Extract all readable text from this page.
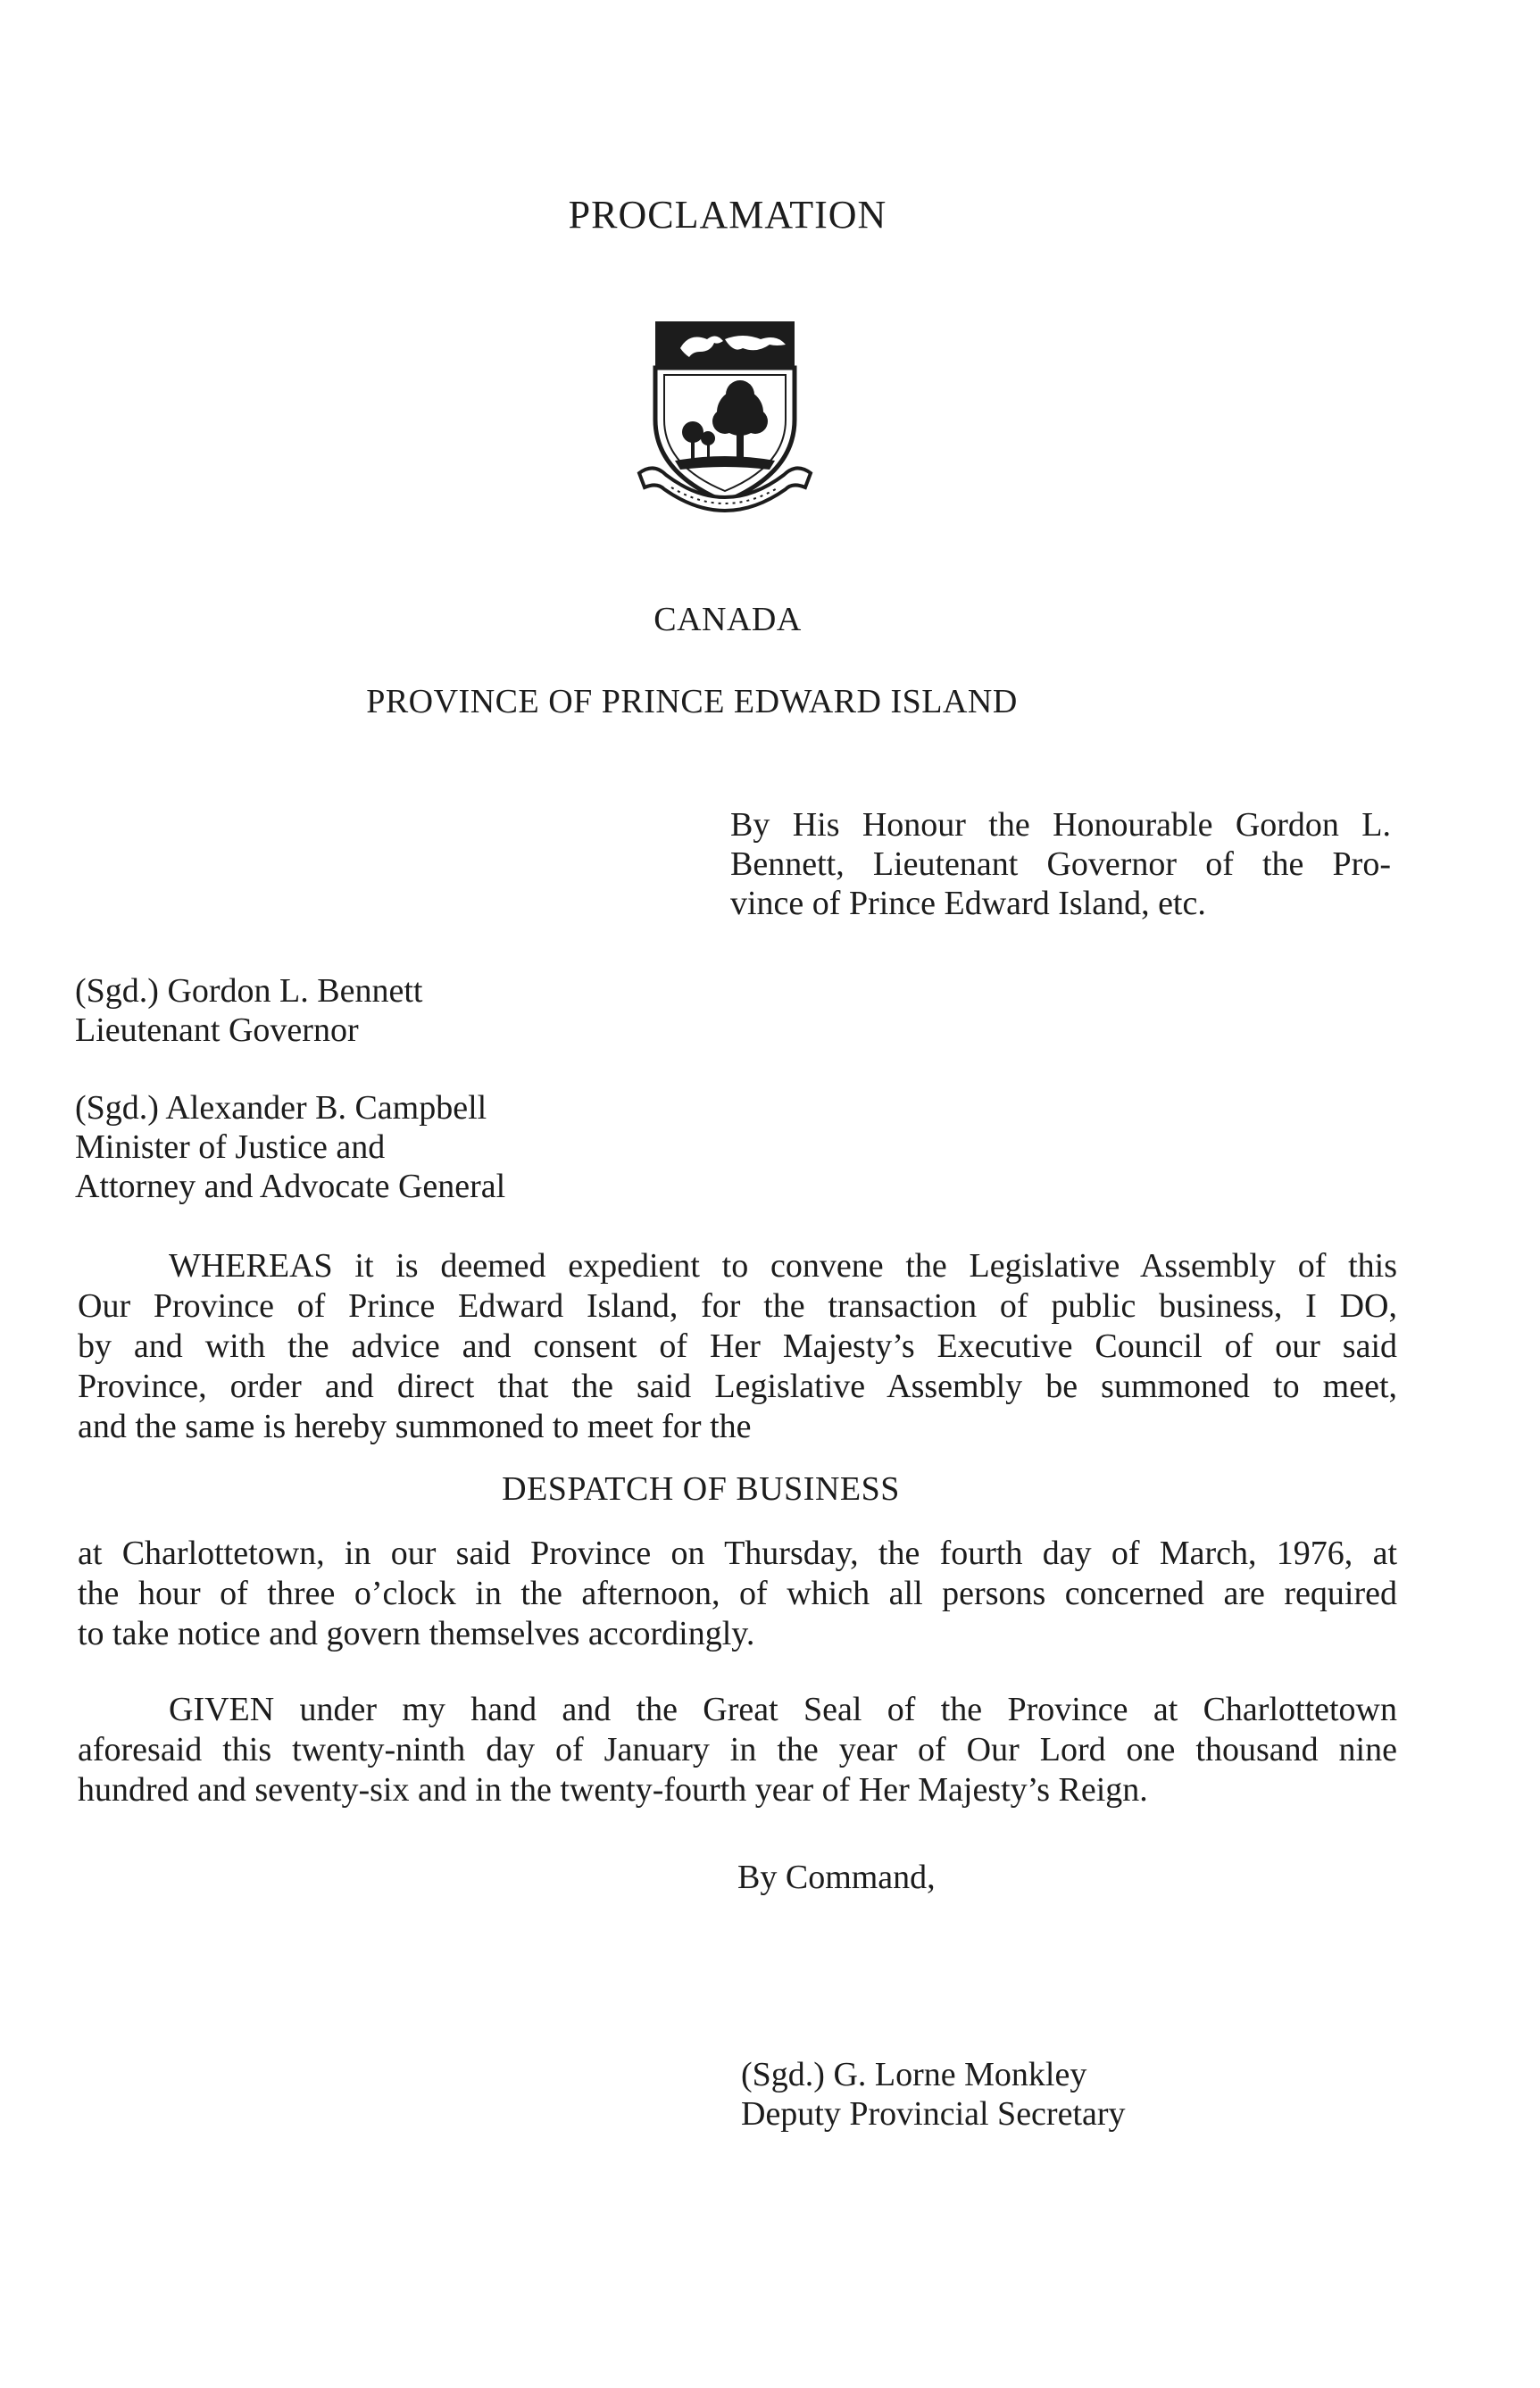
PROCLAMATION

CANADA

PROVINCE OF PRINCE EDWARD ISLAND

By His Honour the Honourable Gordon L.
Bennett, Lieutenant Governor of the Pro-
vince of Prince Edward Island, etc.
(Sgd.) Gordon L. Bennett
Lieutenant Governor
(Sgd.) Alexander B. Campbell
Minister of Justice and
Attorney and Advocate General
WHEREAS it is deemed expedient to convene the Legislative Assembly of this
Our Province of Prince Edward Island, for the transaction of public business, I DO,
by and with the advice and consent of Her Majesty’s Executive Council of our said
Province, order and direct that the said Legislative Assembly be summoned to meet,
and the same is hereby summoned to meet for the

DESPATCH OF BUSINESS

at Charlottetown, in our said Province on Thursday, the fourth day of March, 1976, at
the hour of three o’clock in the afternoon, of which all persons concerned are required
to take notice and govern themselves accordingly.
GIVEN under my hand and the Great Seal of the Province at Charlottetown
aforesaid this twenty-ninth day of January in the year of Our Lord one thousand nine
hundred and seventy-six and in the twenty-fourth year of Her Majesty’s Reign.

By Command,

(Sgd.) G. Lorne Monkley
Deputy Provincial Secretary
